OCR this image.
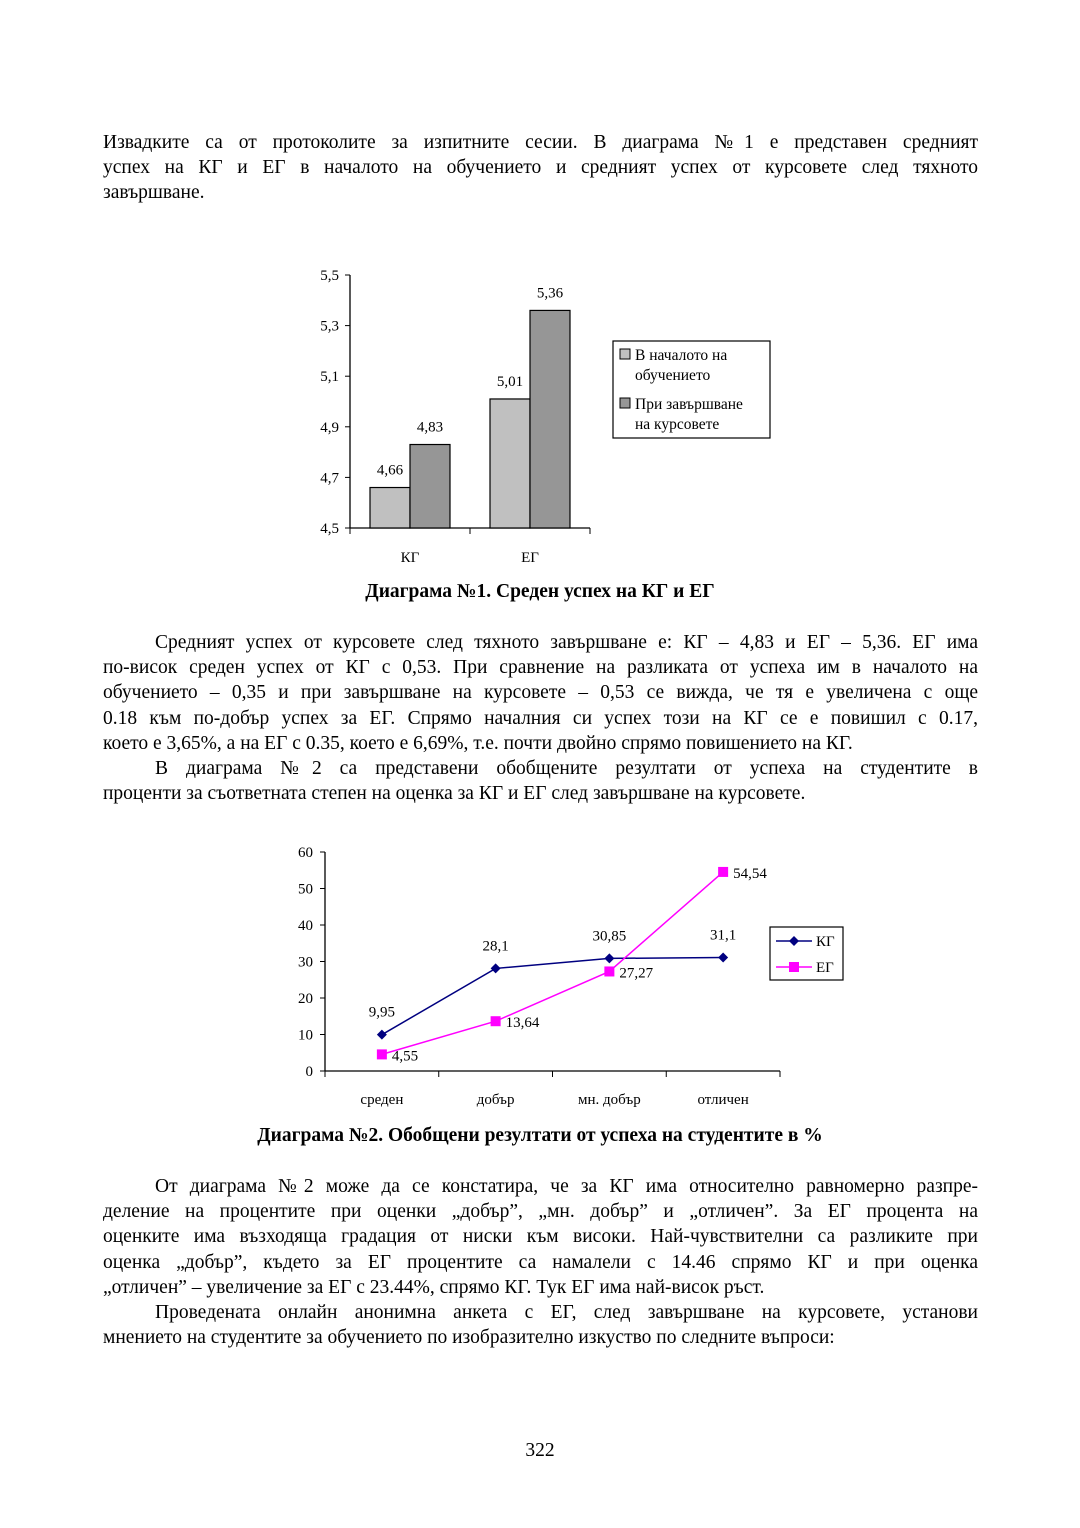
Извадките са от протоколите за изпитните сесии. В диаграма №1 е представен средният
успех на КГ и ЕГ в началото на обучението и средният успех от курсовете след тяхното
завършване.
Средният успех от курсовете след тяхното завършване е: КГ – 4,83 и ЕГ – 5,36. ЕГ има
по-висок среден успех от КГ с 0,53. При сравнение на разликата от успеха им в началото на
обучението – 0,35 и при завършване на курсовете – 0,53 се вижда, че тя е увеличена с още
0.18 към по-добър успех за ЕГ. Спрямо началния си успех този на КГ се е повишил с 0.17,
което е 3,65%, а на ЕГ с 0.35, което е 6,69%, т.е. почти двойно спрямо повишението на КГ.
В диаграма №2 са представени обобщените резултати от успеха на студентите в
проценти за съответната степен на оценка за КГ и ЕГ след завършване на курсовете.
От диаграма №2 може да се констатира, че за КГ има относително равномерно разпре-
деление на процентите при оценки „добър”, „мн. добър” и „отличен”. За ЕГ процента на
оценките има възходяща градация от ниски към високи. Най-чувствителни са разликите при
оценка „добър”, където за ЕГ процентите са намалели с 14.46 спрямо КГ и при оценка
„отличен” – увеличение за ЕГ с 23.44%, спрямо КГ. Тук ЕГ има най-висок ръст.
Проведената онлайн анонимна анкета с ЕГ, след завършване на курсовете, установи
мнението на студентите за обучението по изобразително изкуство по следните въпроси:
Диаграма №1. Среден успех на КГ и ЕГ
Диаграма №2. Обобщени резултати от успеха на студентите в %
322
4,5
4,7
4,9
5,1
5,3
5,5
КГ
4,66
4,83
ЕГ
5,01
5,36
В началото на
обучението
При завършване
на курсовете
0
10
20
30
40
50
60
среден	добър	мн. добър	отличен
9,95
28,1
30,85	31,1
4,55
13,64
27,27
54,54
КГ
ЕГ
